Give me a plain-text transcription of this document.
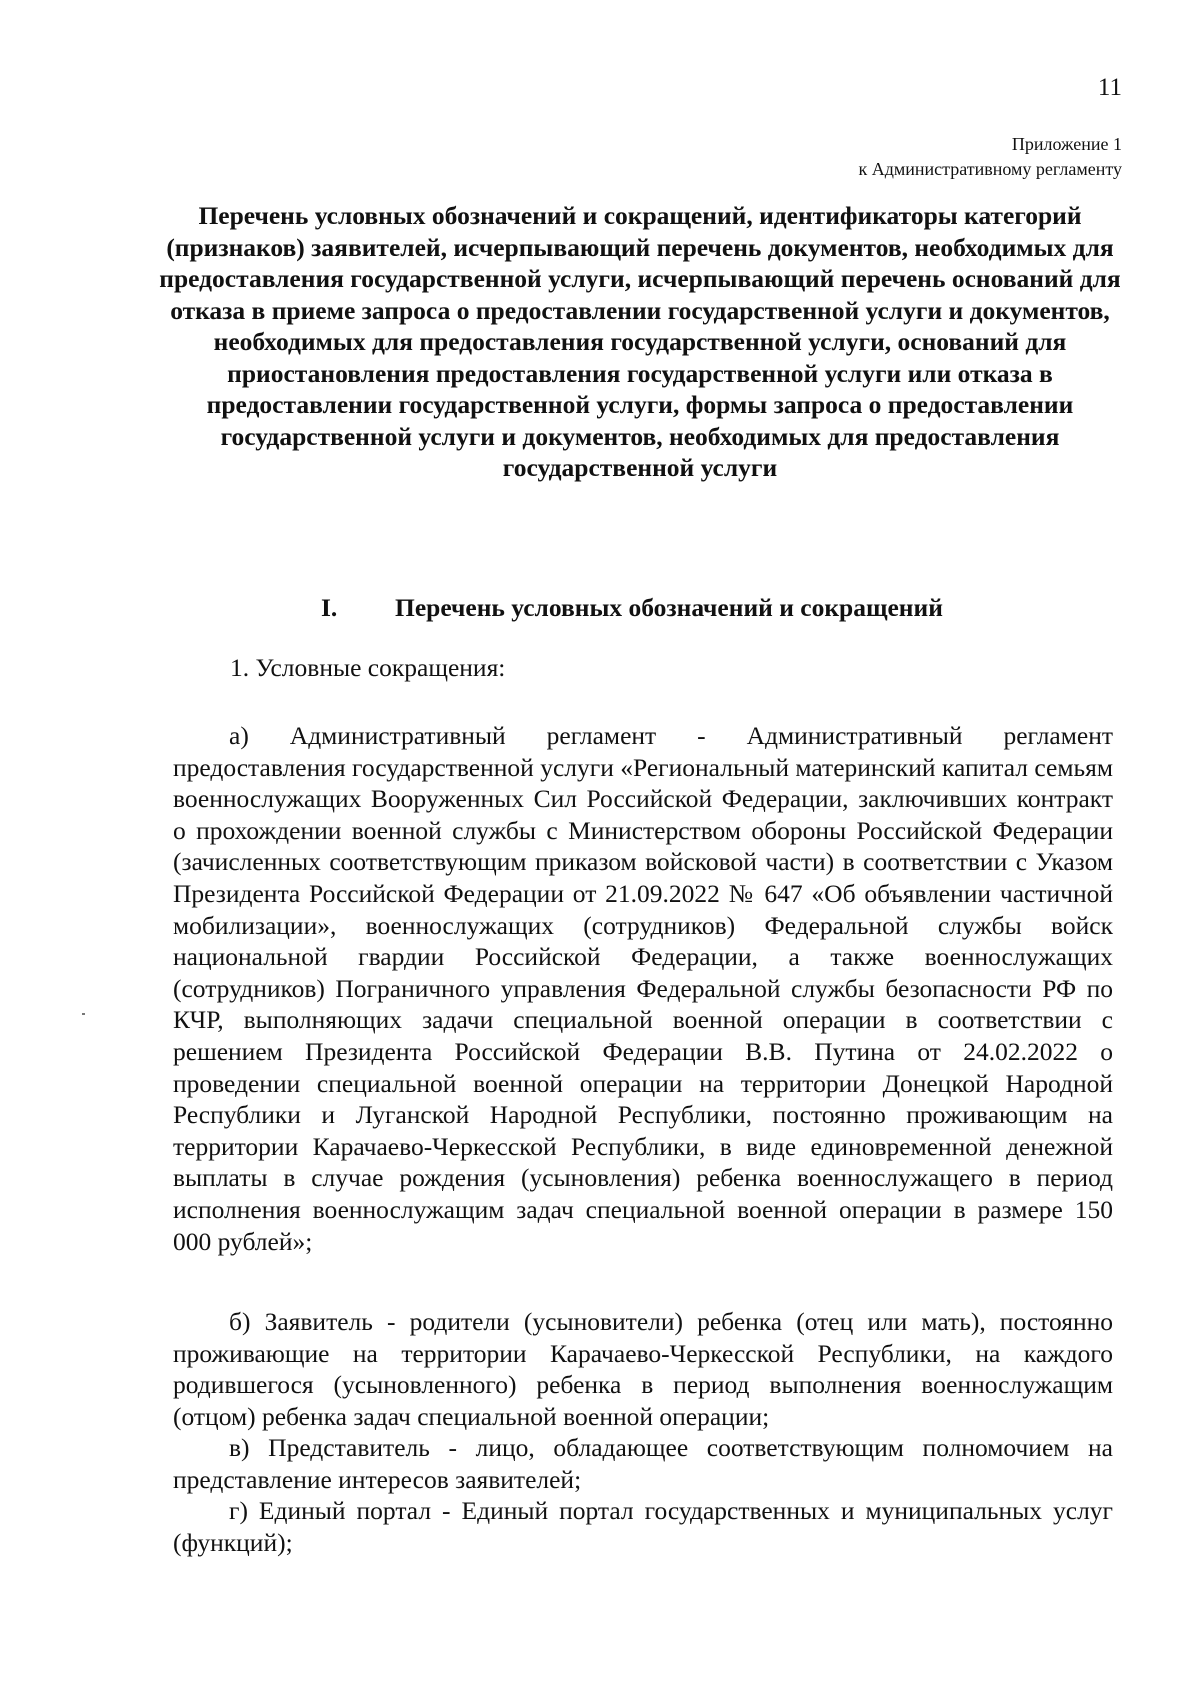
11
Приложение 1
к Административному регламенту
Перечень условных обозначений и сокращений, идентификаторы категорий (признаков) заявителей, исчерпывающий перечень документов, необходимых для предоставления государственной услуги, исчерпывающий перечень оснований для отказа в приеме запроса о предоставлении государственной услуги и документов, необходимых для предоставления государственной услуги, оснований для приостановления предоставления государственной услуги или отказа в предоставлении государственной услуги, формы запроса о предоставлении государственной услуги и документов, необходимых для предоставления государственной услуги
I. Перечень условных обозначений и сокращений
1. Условные сокращения:

а) Административный регламент - Административный регламент предоставления государственной услуги «Региональный материнский капитал семьям военнослужащих Вооруженных Сил Российской Федерации, заключивших контракт о прохождении военной службы с Министерством обороны Российской Федерации (зачисленных соответствующим приказом войсковой части) в соответствии с Указом Президента Российской Федерации от 21.09.2022 № 647 «Об объявлении частичной мобилизации», военнослужащих (сотрудников) Федеральной службы войск национальной гвардии Российской Федерации, а также военнослужащих (сотрудников) Пограничного управления Федеральной службы безопасности РФ по КЧР, выполняющих задачи специальной военной операции в соответствии с решением Президента Российской Федерации В.В. Путина от 24.02.2022 о проведении специальной военной операции на территории Донецкой Народной Республики и Луганской Народной Республики, постоянно проживающим на территории Карачаево-Черкесской Республики, в виде единовременной денежной выплаты в случае рождения (усыновления) ребенка военнослужащего в период исполнения военнослужащим задач специальной военной операции в размере 150 000 рублей»;

б) Заявитель - родители (усыновители) ребенка (отец или мать), постоянно проживающие на территории Карачаево-Черкесской Республики, на каждого родившегося (усыновленного) ребенка в период выполнения военнослужащим (отцом) ребенка задач специальной военной операции;

в) Представитель - лицо, обладающее соответствующим полномочием на представление интересов заявителей;

г) Единый портал - Единый портал государственных и муниципальных услуг (функций);
